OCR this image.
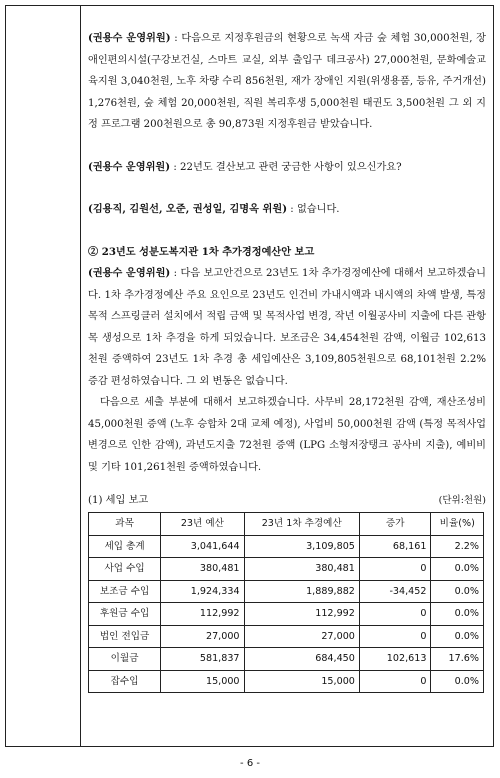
(권용수 운영위원) : 다음으로 지정후원금의 현황으로 녹색 자금 숲 체험 30,000천원, 장애인편의시설(구강보건실, 스마트 교실, 외부 출입구 데크공사) 27,000천원, 문화예술교육지원 3,040천원, 노후 차량 수리 856천원, 재가 장애인 지원(위생용품, 등유, 주거개선) 1,276천원, 숲 체험 20,000천원, 직원 복리후생 5,000천원 태권도 3,500천원 그 외 지정 프로그램 200천원으로 총 90,873원 지정후원금 받았습니다.

(권용수 운영위원) : 22년도 결산보고 관련 궁금한 사항이 있으신가요?

(김용직, 김원선, 오준, 권성일, 김명옥 위원) : 없습니다.

② 23년도 성분도복지관 1차 추가경정예산안 보고

(권용수 운영위원) : 다음 보고안건으로 23년도 1차 추가경정예산에 대해서 보고하겠습니다. 1차 추가경정예산 주요 요인으로 23년도 인건비 가내시액과 내시액의 차액 발생, 특정 목적 스프링클러 설치에서 적립 금액 및 목적사업 변경, 작년 이월공사비 지출에 다른 관항목 생성으로 1차 추경을 하게 되었습니다. 보조금은 34,454천원 감액, 이월금 102,613천원 증액하여 23년도 1차 추경 총 세입예산은 3,109,805천원으로 68,101천원 2.2% 증감 편성하였습니다. 그 외 변동은 없습니다.

다음으로 세출 부분에 대해서 보고하겠습니다. 사무비 28,172천원 감액, 재산조성비 45,000천원 증액 (노후 승합차 2대 교체 예정), 사업비 50,000천원 감액 (특정 목적사업 변경으로 인한 감액), 과년도지출 72천원 증액 (LPG 소형저장탱크 공사비 지출), 예비비 및 기타 101,261천원 증액하였습니다.

(1) 세입 보고	(단위:천원)
과목	23년 예산	23년 1차 추경예산	증가	비율(%)
세입 총계	3,041,644	3,109,805	68,161	2.2%
사업 수입	380,481	380,481	0	0.0%
보조금 수입	1,924,334	1,889,882	-34,452	0.0%
후원금 수입	112,992	112,992	0	0.0%
법인 전입금	27,000	27,000	0	0.0%
이월금	581,837	684,450	102,613	17.6%
잡수입	15,000	15,000	0	0.0%
- 6 -
